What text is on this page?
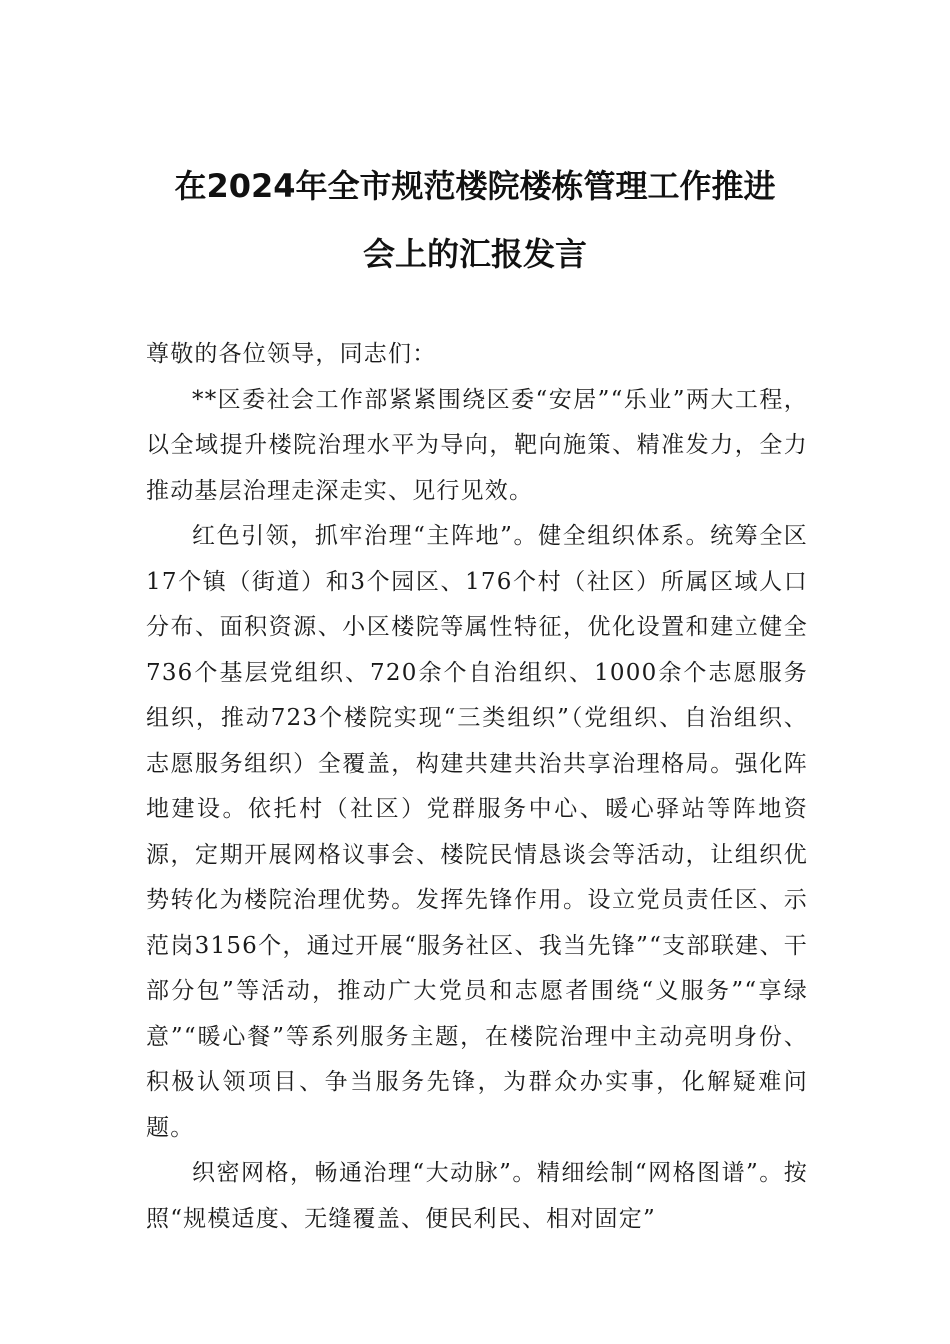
在2024年全市规范楼院楼栋管理工作推进
会上的汇报发言

尊敬的各位领导，同志们：

**区委社会工作部紧紧围绕区委“安居”“乐业”两大工程，以全域提升楼院治理水平为导向，靶向施策、精准发力，全力推动基层治理走深走实、见行见效。

红色引领，抓牢治理“主阵地”。健全组织体系。统筹全区17个镇（街道）和3个园区、176个村（社区）所属区域人口分布、面积资源、小区楼院等属性特征，优化设置和建立健全736个基层党组织、720余个自治组织、1000余个志愿服务组织，推动723个楼院实现“三类组织”（党组织、自治组织、志愿服务组织）全覆盖，构建共建共治共享治理格局。强化阵地建设。依托村（社区）党群服务中心、暖心驿站等阵地资源，定期开展网格议事会、楼院民情恳谈会等活动，让组织优势转化为楼院治理优势。发挥先锋作用。设立党员责任区、示范岗3156个，通过开展“服务社区、我当先锋”“支部联建、干部分包”等活动，推动广大党员和志愿者围绕“义服务”“享绿意”“暖心餐”等系列服务主题，在楼院治理中主动亮明身份、积极认领项目、争当服务先锋，为群众办实事，化解疑难问题。

织密网格，畅通治理“大动脉”。精细绘制“网格图谱”。按照“规模适度、无缝覆盖、便民利民、相对固定”
